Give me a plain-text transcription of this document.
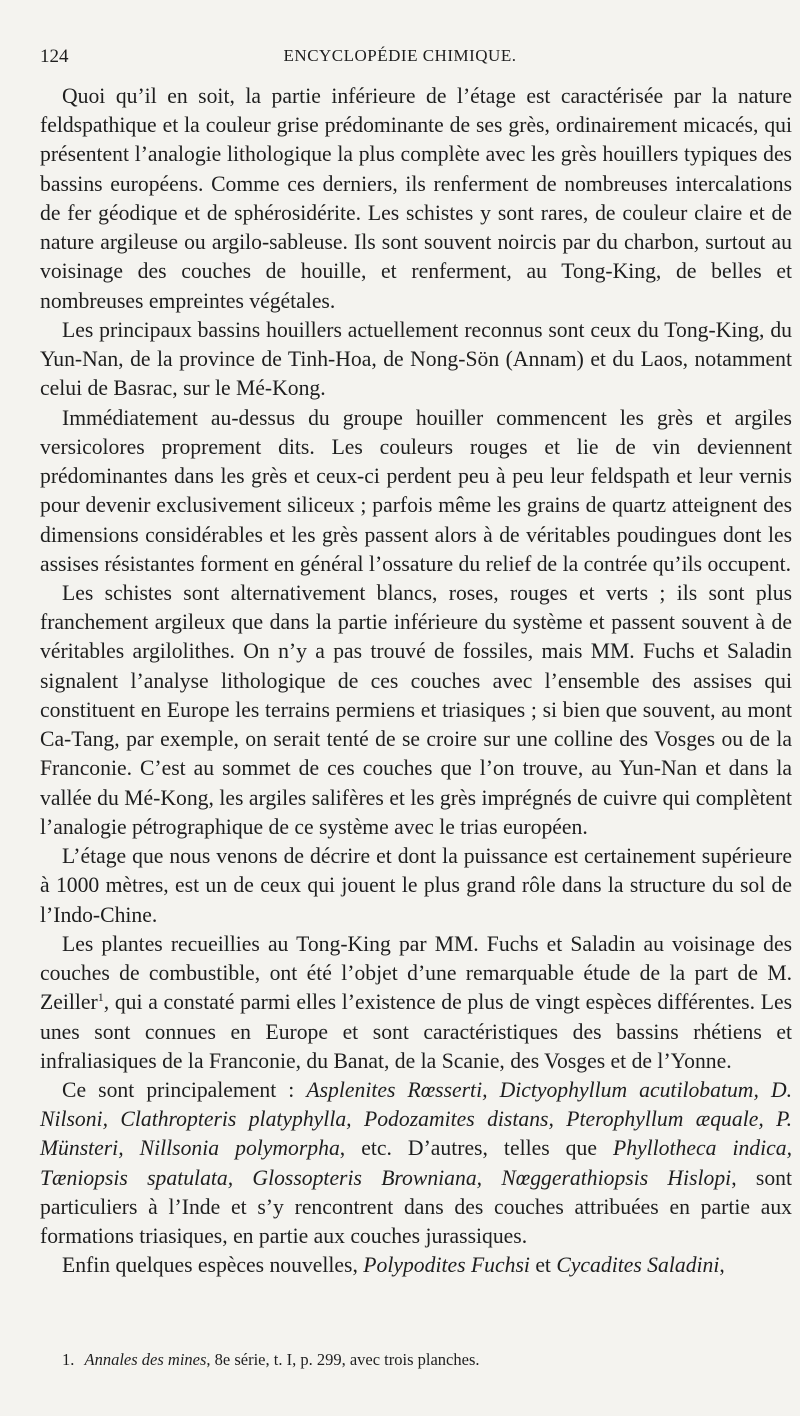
124	ENCYCLOPÉDIE CHIMIQUE.

Quoi qu’il en soit, la partie inférieure de l’étage est caractérisée par la nature feldspathique et la couleur grise prédominante de ses grès, ordinairement micacés, qui présentent l’analogie lithologique la plus complète avec les grès houillers typiques des bassins européens. Comme ces derniers, ils renferment de nombreuses intercalations de fer géodique et de sphérosidérite. Les schistes y sont rares, de couleur claire et de nature argileuse ou argilo-sableuse. Ils sont souvent noircis par du charbon, surtout au voisinage des couches de houille, et renferment, au Tong-King, de belles et nombreuses empreintes végétales.

Les principaux bassins houillers actuellement reconnus sont ceux du Tong-King, du Yun-Nan, de la province de Tinh-Hoa, de Nong-Sön (Annam) et du Laos, notamment celui de Basrac, sur le Mé-Kong.

Immédiatement au-dessus du groupe houiller commencent les grès et argiles versicolores proprement dits. Les couleurs rouges et lie de vin deviennent prédominantes dans les grès et ceux-ci perdent peu à peu leur feldspath et leur vernis pour devenir exclusivement siliceux ; parfois même les grains de quartz atteignent des dimensions considérables et les grès passent alors à de véritables poudingues dont les assises résistantes forment en général l’ossature du relief de la contrée qu’ils occupent.

Les schistes sont alternativement blancs, roses, rouges et verts ; ils sont plus franchement argileux que dans la partie inférieure du système et passent souvent à de véritables argilolithes. On n’y a pas trouvé de fossiles, mais MM. Fuchs et Saladin signalent l’analyse lithologique de ces couches avec l’ensemble des assises qui constituent en Europe les terrains permiens et triasiques ; si bien que souvent, au mont Ca-Tang, par exemple, on serait tenté de se croire sur une colline des Vosges ou de la Franconie. C’est au sommet de ces couches que l’on trouve, au Yun-Nan et dans la vallée du Mé-Kong, les argiles salifères et les grès imprégnés de cuivre qui complètent l’analogie pétrographique de ce système avec le trias européen.

L’étage que nous venons de décrire et dont la puissance est certainement supérieure à 1000 mètres, est un de ceux qui jouent le plus grand rôle dans la structure du sol de l’Indo-Chine.

Les plantes recueillies au Tong-King par MM. Fuchs et Saladin au voisinage des couches de combustible, ont été l’objet d’une remarquable étude de la part de M. Zeiller$^1$, qui a constaté parmi elles l’existence de plus de vingt espèces différentes. Les unes sont connues en Europe et sont caractéristiques des bassins rhétiens et infraliasiques de la Franconie, du Banat, de la Scanie, des Vosges et de l’Yonne.

Ce sont principalement : Asplenites Rœsserti, Dictyophyllum acutilobatum, D. Nilsoni, Clathropteris platyphylla, Podozamites distans, Pterophyllum æquale, P. Münsteri, Nillsonia polymorpha, etc. D’autres, telles que Phyllotheca indica, Tæniopsis spatulata, Glossopteris Browniana, Nœggerathiopsis Hislopi, sont particuliers à l’Inde et s’y rencontrent dans des couches attribuées en partie aux formations triasiques, en partie aux couches jurassiques.

Enfin quelques espèces nouvelles, Polypodites Fuchsi et Cycadites Saladini,

1. Annales des mines, 8e série, t. I, p. 299, avec trois planches.
